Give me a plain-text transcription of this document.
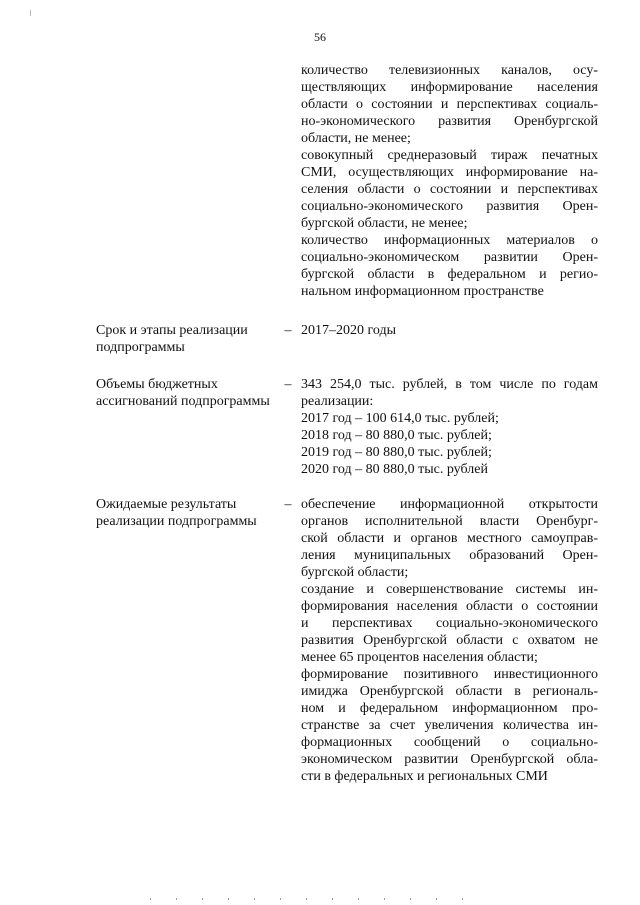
56
количество телевизионных каналов, осу-
ществляющих информирование населения
области о состоянии и перспективах социаль-
но-экономического развития Оренбургской
области, не менее;
совокупный среднеразовый тираж печатных
СМИ, осуществляющих информирование на-
селения области о состоянии и перспективах
социально-экономического развития Орен-
бургской области, не менее;
количество информационных материалов о
социально-экономическом развитии Орен-
бургской области в федеральном и регио-
нальном информационном пространстве
Срок и этапы реализации
подпрограммы
– 2017–2020 годы
Объемы бюджетных
ассигнований подпрограммы
– 343 254,0 тыс. рублей, в том числе по годам
реализации:
2017 год – 100 614,0 тыс. рублей;
2018 год – 80 880,0 тыс. рублей;
2019 год – 80 880,0 тыс. рублей;
2020 год – 80 880,0 тыс. рублей
Ожидаемые результаты
реализации подпрограммы
– обеспечение информационной открытости
органов исполнительной власти Оренбург-
ской области и органов местного самоуправ-
ления муниципальных образований Орен-
бургской области;
создание и совершенствование системы ин-
формирования населения области о состоянии
и перспективах социально-экономического
развития Оренбургской области с охватом не
менее 65 процентов населения области;
формирование позитивного инвестиционного
имиджа Оренбургской области в региональ-
ном и федеральном информационном про-
странстве за счет увеличения количества ин-
формационных сообщений о социально-
экономическом развитии Оренбургской обла-
сти в федеральных и региональных СМИ
